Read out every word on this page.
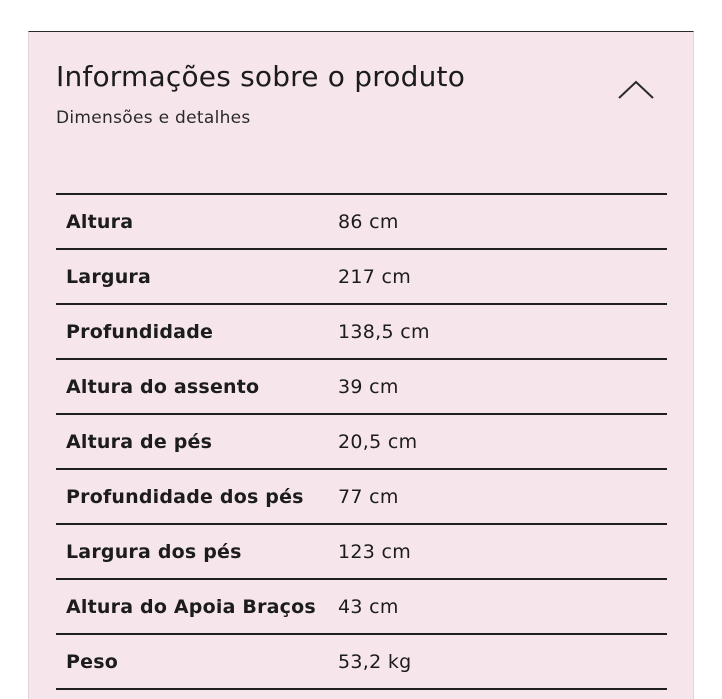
Informações sobre o produto
Dimensões e detalhes
Altura	86 cm
Largura	217 cm
Profundidade	138,5 cm
Altura do assento	39 cm
Altura de pés	20,5 cm
Profundidade dos pés	77 cm
Largura dos pés	123 cm
Altura do Apoia Braços	43 cm
Peso	53,2 kg
